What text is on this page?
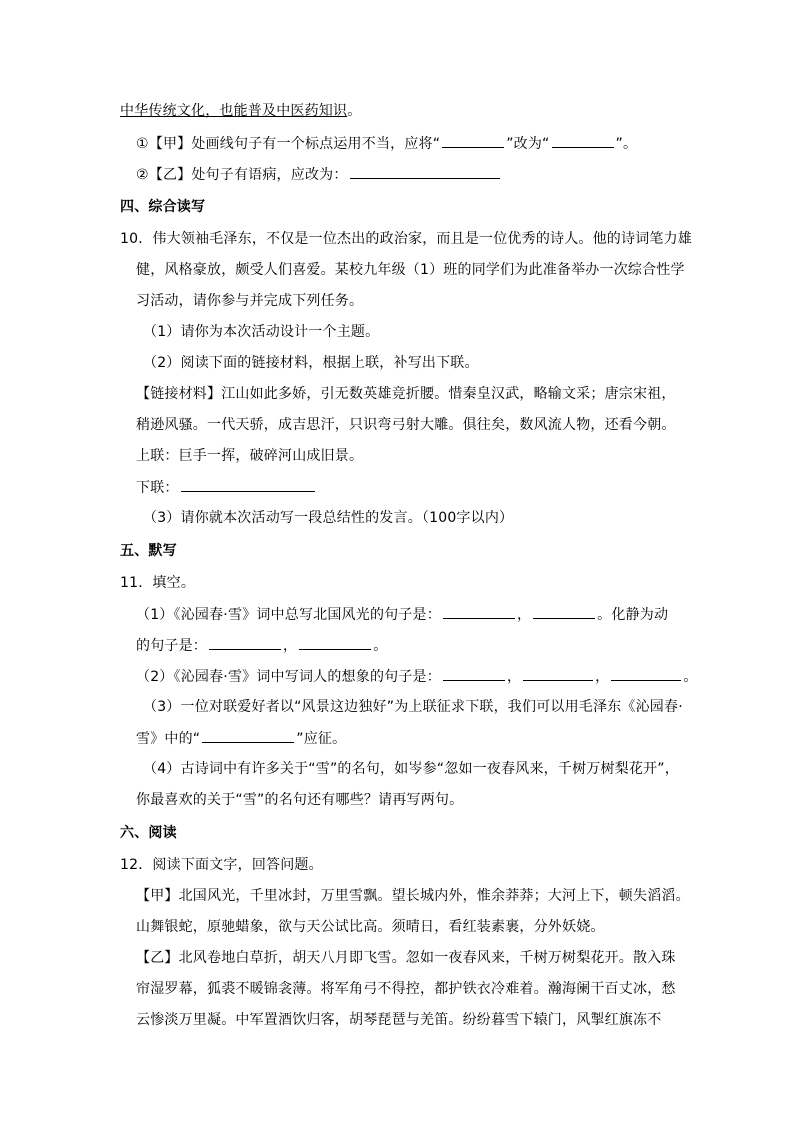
中华传统文化，也能普及中医药知识。
①【甲】处画线句子有一个标点运用不当，应将“	”改为“	”。
②【乙】处句子有语病，应改为：
四、综合读写
10．伟大领袖毛泽东，不仅是一位杰出的政治家，而且是一位优秀的诗人。他的诗词笔力雄
健，风格豪放，颇受人们喜爱。某校九年级（1）班的同学们为此准备举办一次综合性学
习活动，请你参与并完成下列任务。
（1）请你为本次活动设计一个主题。
（2）阅读下面的链接材料，根据上联，补写出下联。
【链接材料】江山如此多娇，引无数英雄竞折腰。惜秦皇汉武，略输文采；唐宗宋祖，
稍逊风骚。一代天骄，成吉思汗，只识弯弓射大雕。俱往矣，数风流人物，还看今朝。
上联：巨手一挥，破碎河山成旧景。
下联：
（3）请你就本次活动写一段总结性的发言。（100字以内）
五、默写
11．填空。
（1）《沁园春·雪》词中总写北国风光的句子是：	，	。化静为动
的句子是：	，	。
（2）《沁园春·雪》词中写词人的想象的句子是：	，	，	。
（3）一位对联爱好者以“风景这边独好”为上联征求下联，我们可以用毛泽东《沁园春·
雪》中的“	”应征。
（4）古诗词中有许多关于“雪”的名句，如岑参“忽如一夜春风来，千树万树梨花开”，
你最喜欢的关于“雪”的名句还有哪些？请再写两句。
六、阅读
12．阅读下面文字，回答问题。
【甲】北国风光，千里冰封，万里雪飘。望长城内外，惟余莽莽；大河上下，顿失滔滔。
山舞银蛇，原驰蜡象，欲与天公试比高。须晴日，看红装素裹，分外妖娆。
【乙】北风卷地白草折，胡天八月即飞雪。忽如一夜春风来，千树万树梨花开。散入珠
帘湿罗幕，狐裘不暖锦衾薄。将军角弓不得控，都护铁衣冷难着。瀚海阑干百丈冰，愁
云惨淡万里凝。中军置酒饮归客，胡琴琵琶与羌笛。纷纷暮雪下辕门，风掣红旗冻不
